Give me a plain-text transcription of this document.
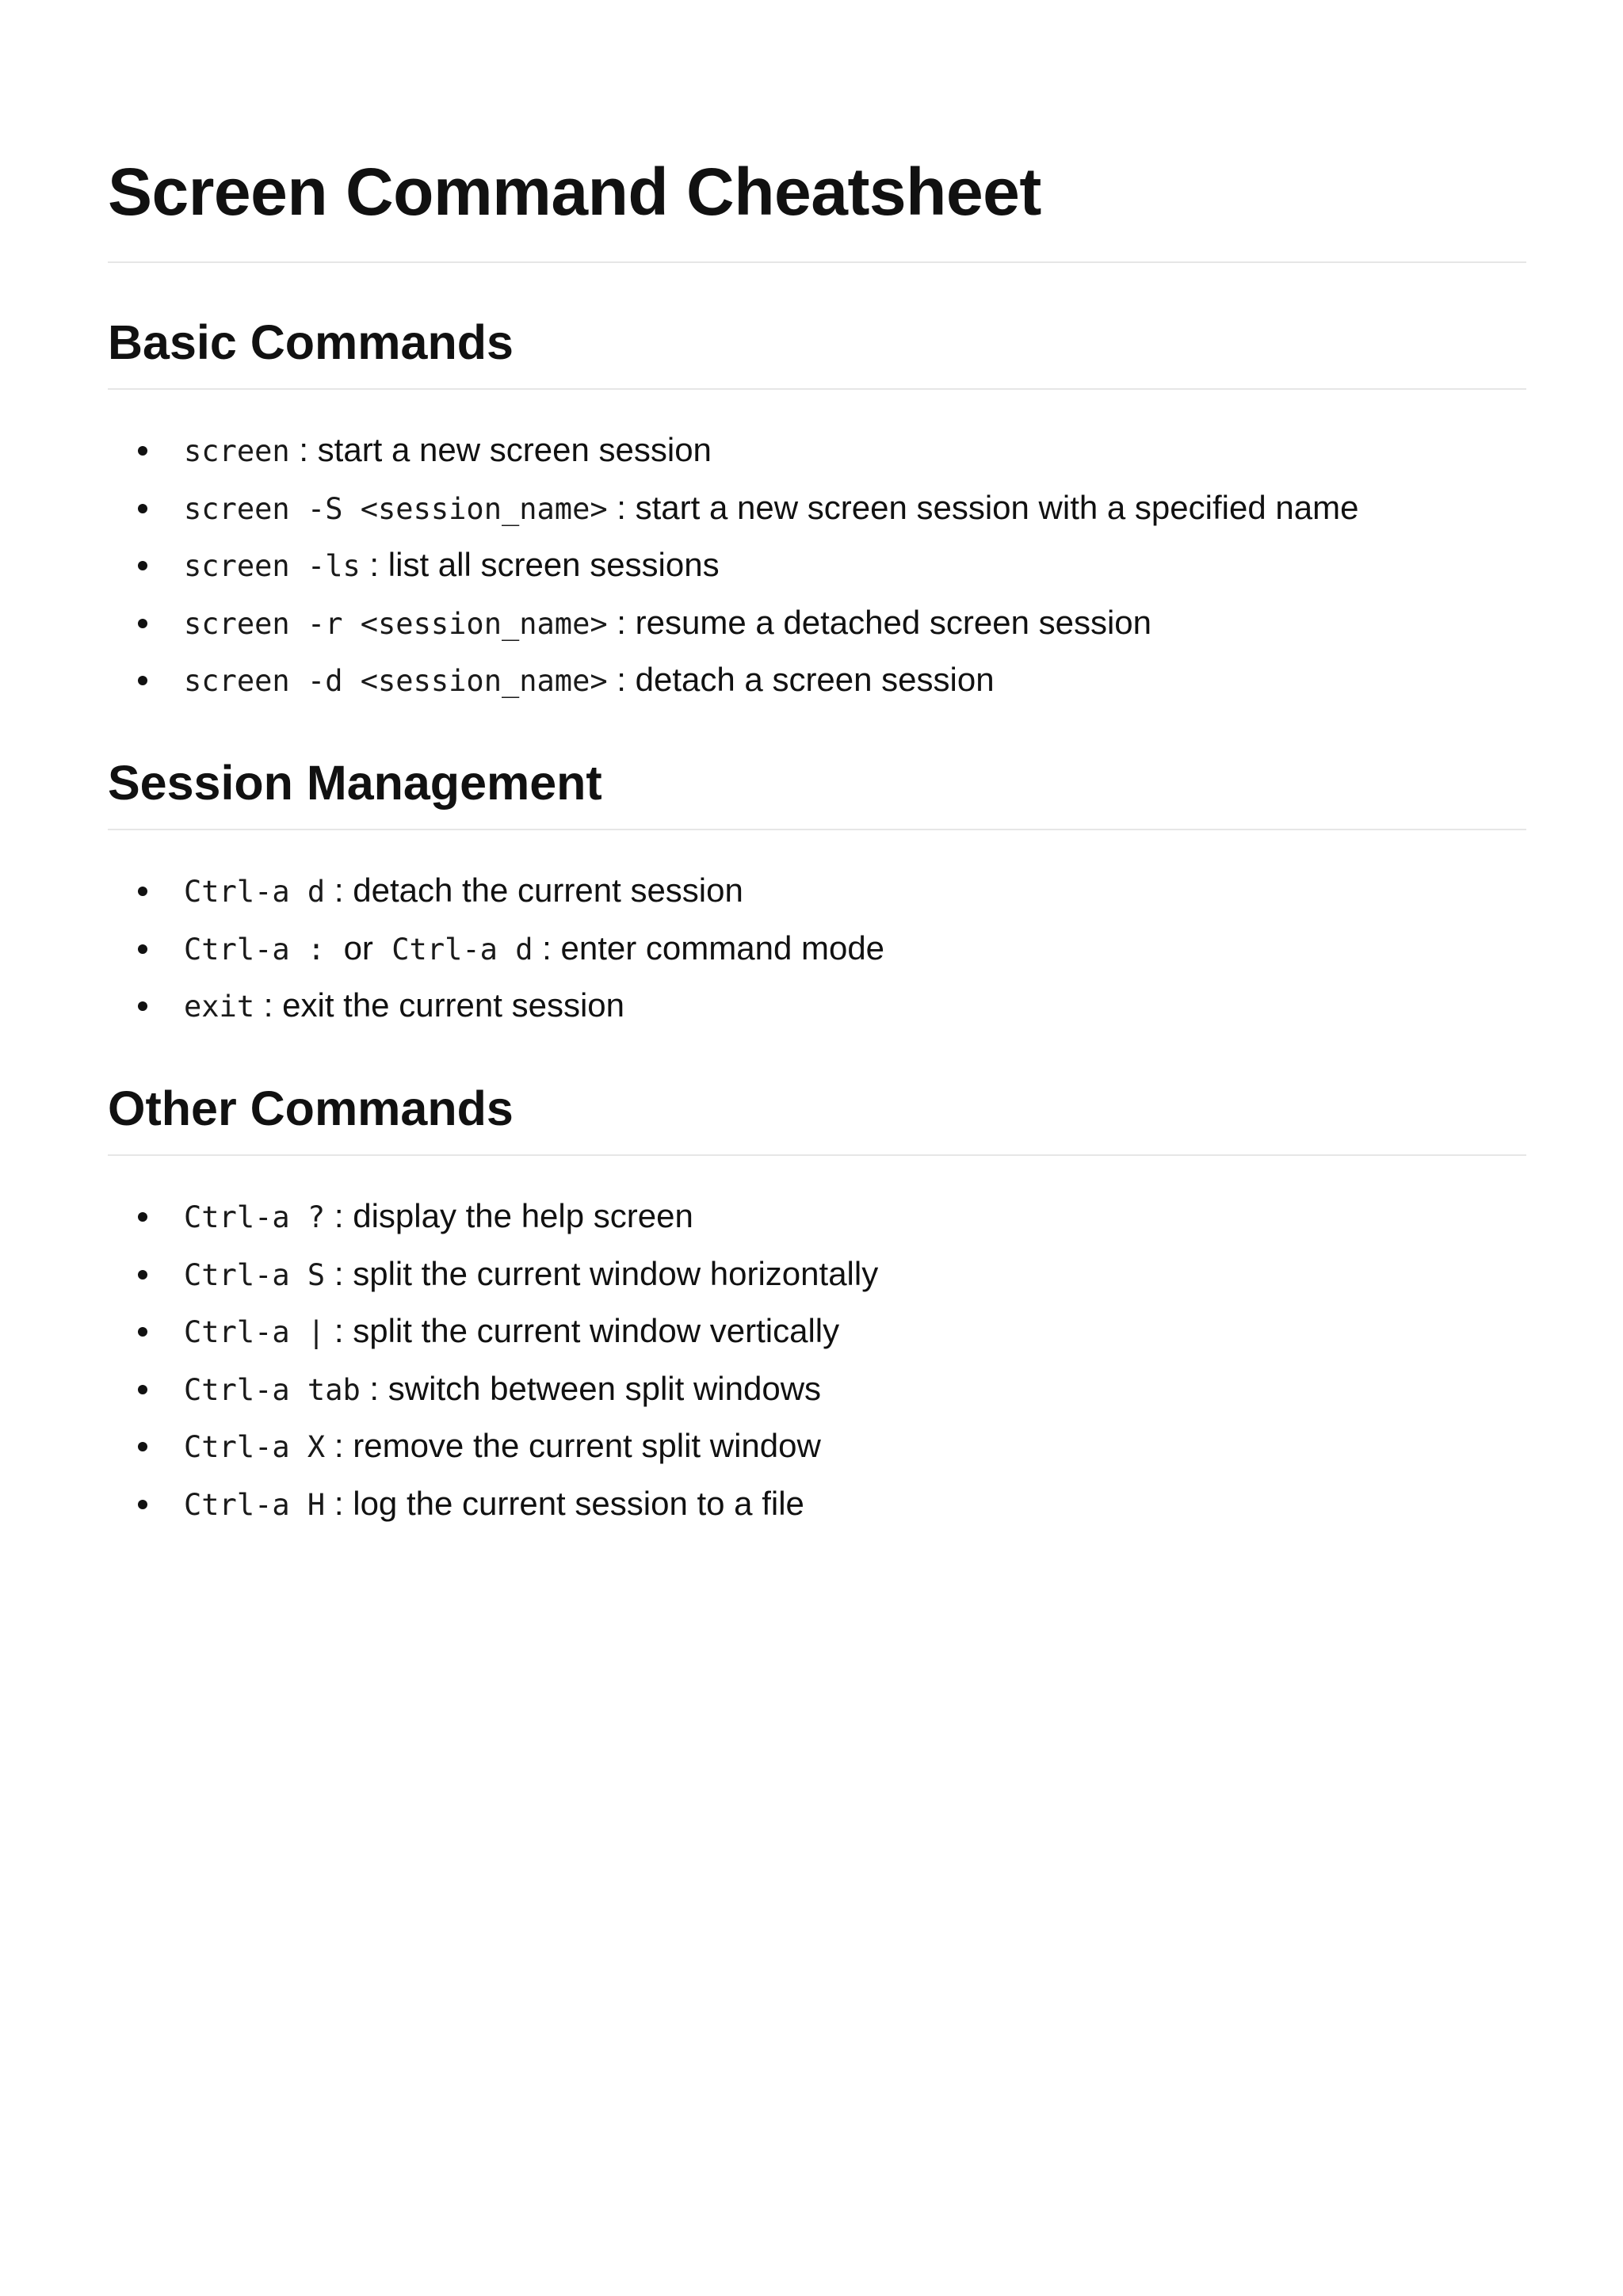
Screen Command Cheatsheet
Basic Commands
screen : start a new screen session
screen -S <session_name> : start a new screen session with a specified name
screen -ls : list all screen sessions
screen -r <session_name> : resume a detached screen session
screen -d <session_name> : detach a screen session
Session Management
Ctrl-a d : detach the current session
Ctrl-a : or Ctrl-a d : enter command mode
exit : exit the current session
Other Commands
Ctrl-a ? : display the help screen
Ctrl-a S : split the current window horizontally
Ctrl-a | : split the current window vertically
Ctrl-a tab : switch between split windows
Ctrl-a X : remove the current split window
Ctrl-a H : log the current session to a file
